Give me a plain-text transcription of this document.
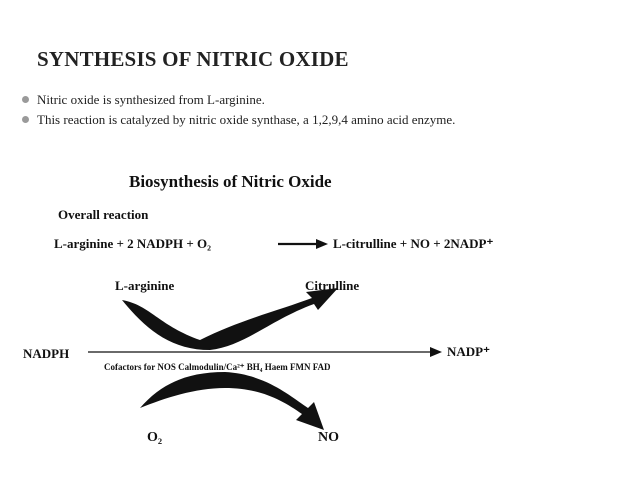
SYNTHESIS OF NITRIC OXIDE
Nitric oxide is synthesized from L-arginine.
This reaction is catalyzed by nitric oxide synthase, a 1,2,9,4 amino acid enzyme.
Biosynthesis of Nitric Oxide
Overall reaction
L-arginine + 2 NADPH + O₂	L-citrulline + NO + 2NADP⁺
L-arginine	Citrulline
NADPH	NADP⁺
Cofactors for NOS Calmodulin/Ca²⁺ BH₄ Haem FMN FAD
O₂	NO
